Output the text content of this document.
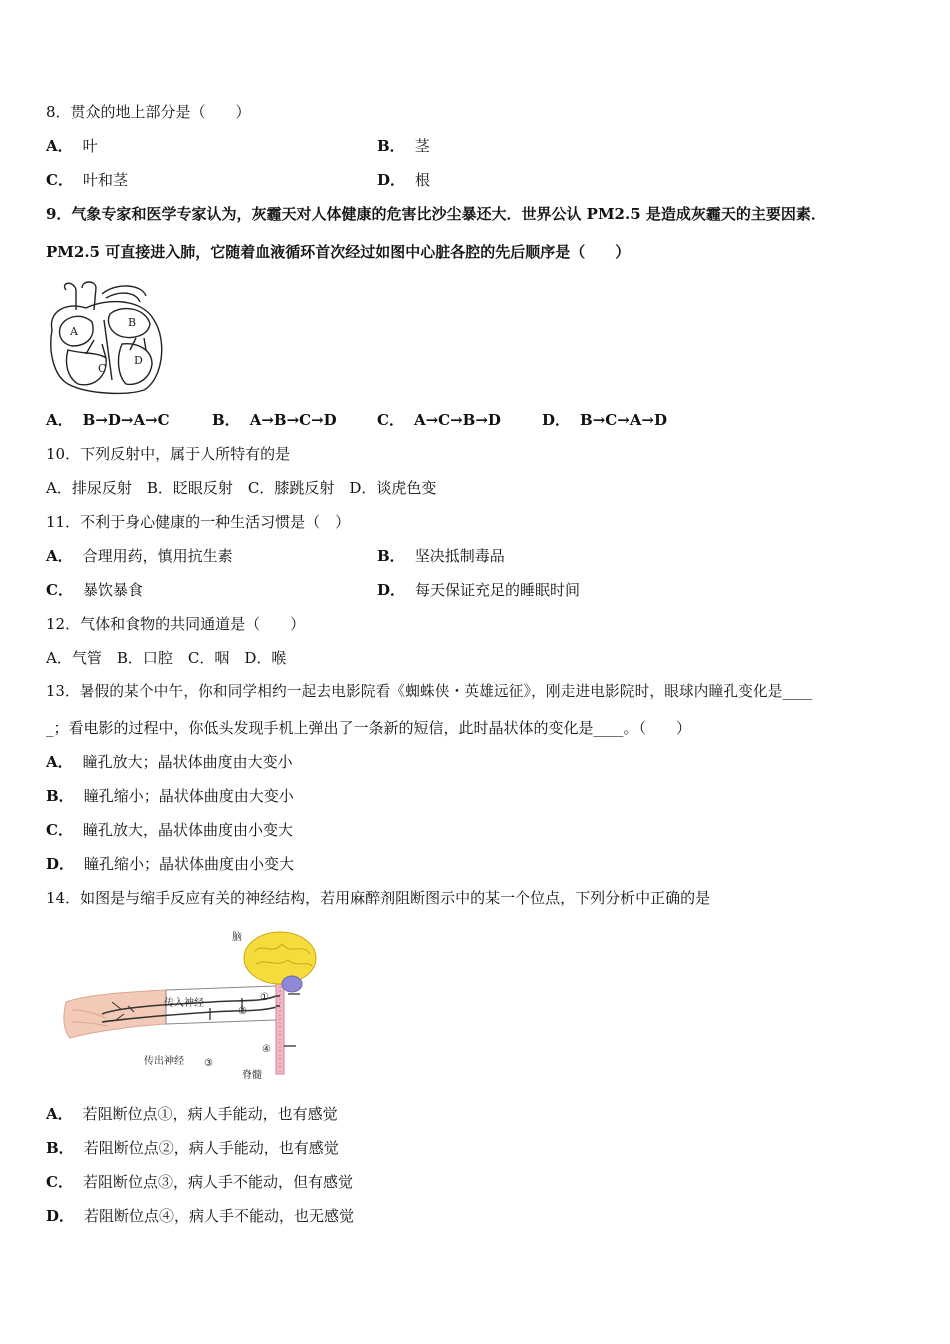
8．贯众的地上部分是（　　）
A． 叶	B． 茎
C． 叶和茎	D． 根
9．气象专家和医学专家认为，灰霾天对人体健康的危害比沙尘暴还大．世界公认 PM2.5 是造成灰霾天的主要因素．
PM2.5 可直接进入肺，它随着血液循环首次经过如图中心脏各腔的先后顺序是（　　）
A
B
C
D
A． B→D→A→C	B． A→B→C→D	C． A→C→B→D	D． B→C→A→D
10．下列反射中，属于人所特有的是
A．排尿反射　B．眨眼反射　C．膝跳反射　D．谈虎色变
11．不利于身心健康的一种生活习惯是（　）
A． 合理用药，慎用抗生素	B． 坚决抵制毒品
C． 暴饮暴食	D． 每天保证充足的睡眠时间
12．气体和食物的共同通道是（　　）
A．气管　B．口腔　C．咽　D．喉
13．暑假的某个中午，你和同学相约一起去电影院看《蜘蛛侠・英雄远征》，刚走进电影院时，眼球内瞳孔变化是____
_；看电影的过程中，你低头发现手机上弹出了一条新的短信，此时晶状体的变化是____。（　　）
A． 瞳孔放大；晶状体曲度由大变小
B． 瞳孔缩小；晶状体曲度由大变小
C． 瞳孔放大，晶状体曲度由小变大
D． 瞳孔缩小；晶状体曲度由小变大
14．如图是与缩手反应有关的神经结构，若用麻醉剂阻断图示中的某一个位点，下列分析中正确的是
脑
传入神经
传出神经
脊髓
①
②
③
④
A． 若阻断位点①，病人手能动，也有感觉
B． 若阻断位点②，病人手能动，也有感觉
C． 若阻断位点③，病人手不能动，但有感觉
D． 若阻断位点④，病人手不能动，也无感觉
